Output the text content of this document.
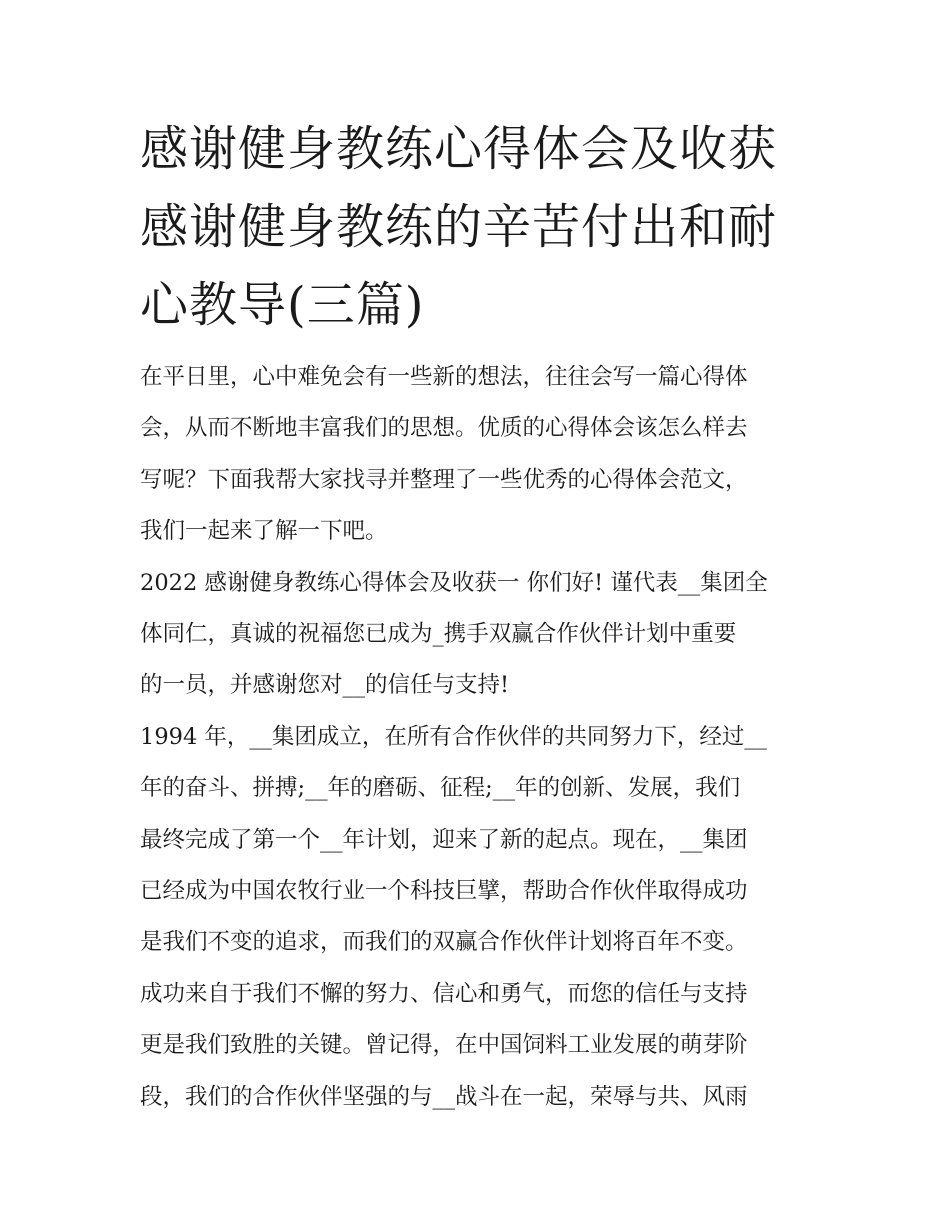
感谢健身教练心得体会及收获
感谢健身教练的辛苦付出和耐
心教导(三篇)
在平日里，心中难免会有一些新的想法，往往会写一篇心得体
会，从而不断地丰富我们的思想。优质的心得体会该怎么样去
写呢？下面我帮大家找寻并整理了一些优秀的心得体会范文，
我们一起来了解一下吧。
2022 感谢健身教练心得体会及收获一 你们好! 谨代表__集团全
体同仁，真诚的祝福您已成为_携手双赢合作伙伴计划中重要
的一员，并感谢您对__的信任与支持!
1994 年，__集团成立，在所有合作伙伴的共同努力下，经过__
年的奋斗、拼搏;__年的磨砺、征程;__年的创新、发展，我们
最终完成了第一个__年计划，迎来了新的起点。现在，__集团
已经成为中国农牧行业一个科技巨擘，帮助合作伙伴取得成功
是我们不变的追求，而我们的双赢合作伙伴计划将百年不变。
成功来自于我们不懈的努力、信心和勇气，而您的信任与支持
更是我们致胜的关键。曾记得，在中国饲料工业发展的萌芽阶
段，我们的合作伙伴坚强的与__战斗在一起，荣辱与共、风雨
